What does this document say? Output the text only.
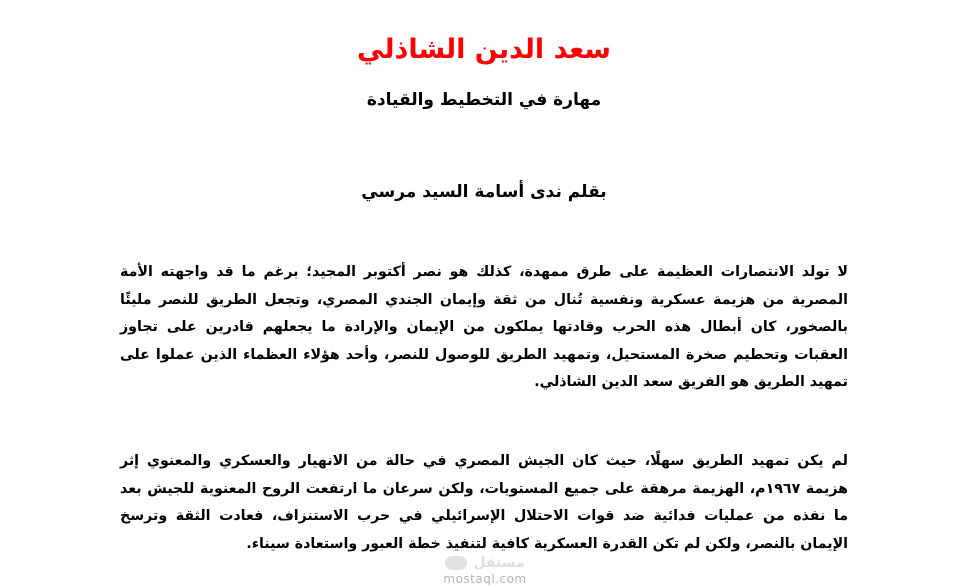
سعد الدين الشاذلي
مهارة في التخطيط والقيادة

بقلم ندى أسامة السيد مرسي

لا تولد الانتصارات العظيمة على طرق ممهدة، كذلك هو نصر أكتوبر المجيد؛ برغم ما قد واجهته الأمة المصرية من هزيمة عسكرية ونفسية تُنال من ثقة وإيمان الجندي المصري، وتجعل الطريق للنصر مليئًا بالصخور، كان أبطال هذه الحرب وقادتها يملكون من الإيمان والإرادة ما يجعلهم قادرين على تجاوز العقبات وتحطيم صخرة المستحيل، وتمهيد الطريق للوصول للنصر، وأحد هؤلاء العظماء الذين عملوا على تمهيد الطريق هو الفريق سعد الدين الشاذلي.

لم يكن تمهيد الطريق سهلًا، حيث كان الجيش المصري في حالة من الانهيار والعسكري والمعنوي إثر هزيمة ١٩٦٧م، الهزيمة مرهقة على جميع المستويات، ولكن سرعان ما ارتفعت الروح المعنوية للجيش بعد ما نفذه من عمليات فدائية ضد قوات الاحتلال الإسرائيلي في حرب الاستنزاف، فعادت الثقة وترسخ الإيمان بالنصر، ولكن لم تكن القدرة العسكرية كافية لتنفيذ خطة العبور واستعادة سيناء.

مستقل
mostaql.com
